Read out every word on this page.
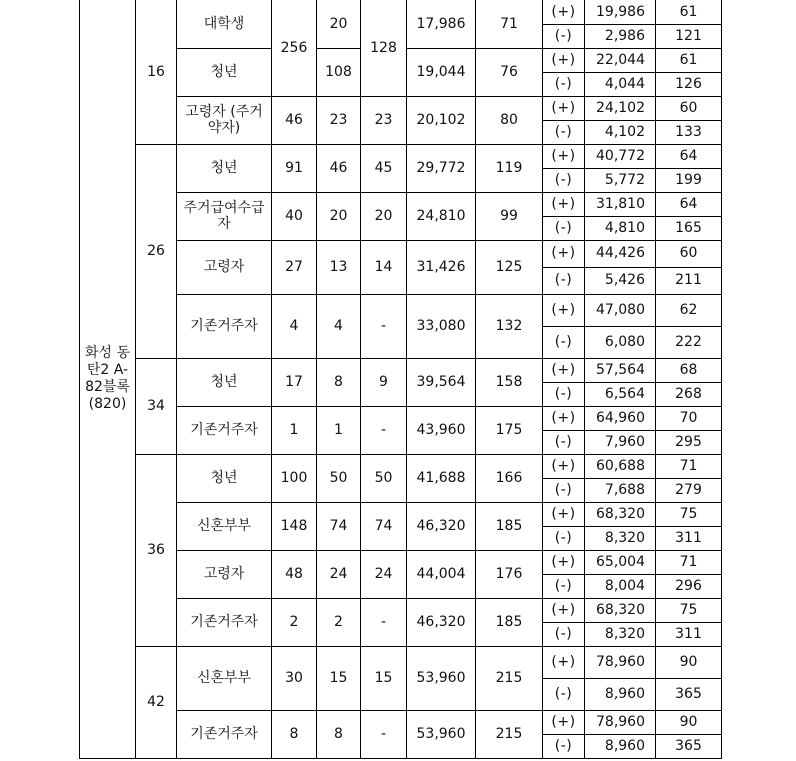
화성 동탄2 A-82블록
(820)	16	대학생	256	20	128	17,986	71	(+)	19,986	61
								(-)	2,986	121
		청년		108		19,044	76	(+)	22,044	61
								(-)	4,044	126
		고령자 (주거약자)	46	23	23	20,102	80	(+)	24,102	60
								(-)	4,102	133
	26	청년	91	46	45	29,772	119	(+)	40,772	64
								(-)	5,772	199
		주거급여수급자	40	20	20	24,810	99	(+)	31,810	64
								(-)	4,810	165
		고령자	27	13	14	31,426	125	(+)	44,426	60
								(-)	5,426	211
		기존거주자	4	4	-	33,080	132	(+)	47,080	62
								(-)	6,080	222
	34	청년	17	8	9	39,564	158	(+)	57,564	68
								(-)	6,564	268
		기존거주자	1	1	-	43,960	175	(+)	64,960	70
								(-)	7,960	295
	36	청년	100	50	50	41,688	166	(+)	60,688	71
								(-)	7,688	279
		신혼부부	148	74	74	46,320	185	(+)	68,320	75
								(-)	8,320	311
		고령자	48	24	24	44,004	176	(+)	65,004	71
								(-)	8,004	296
		기존거주자	2	2	-	46,320	185	(+)	68,320	75
								(-)	8,320	311
	42	신혼부부	30	15	15	53,960	215	(+)	78,960	90
								(-)	8,960	365
		기존거주자	8	8	-	53,960	215	(+)	78,960	90
								(-)	8,960	365
